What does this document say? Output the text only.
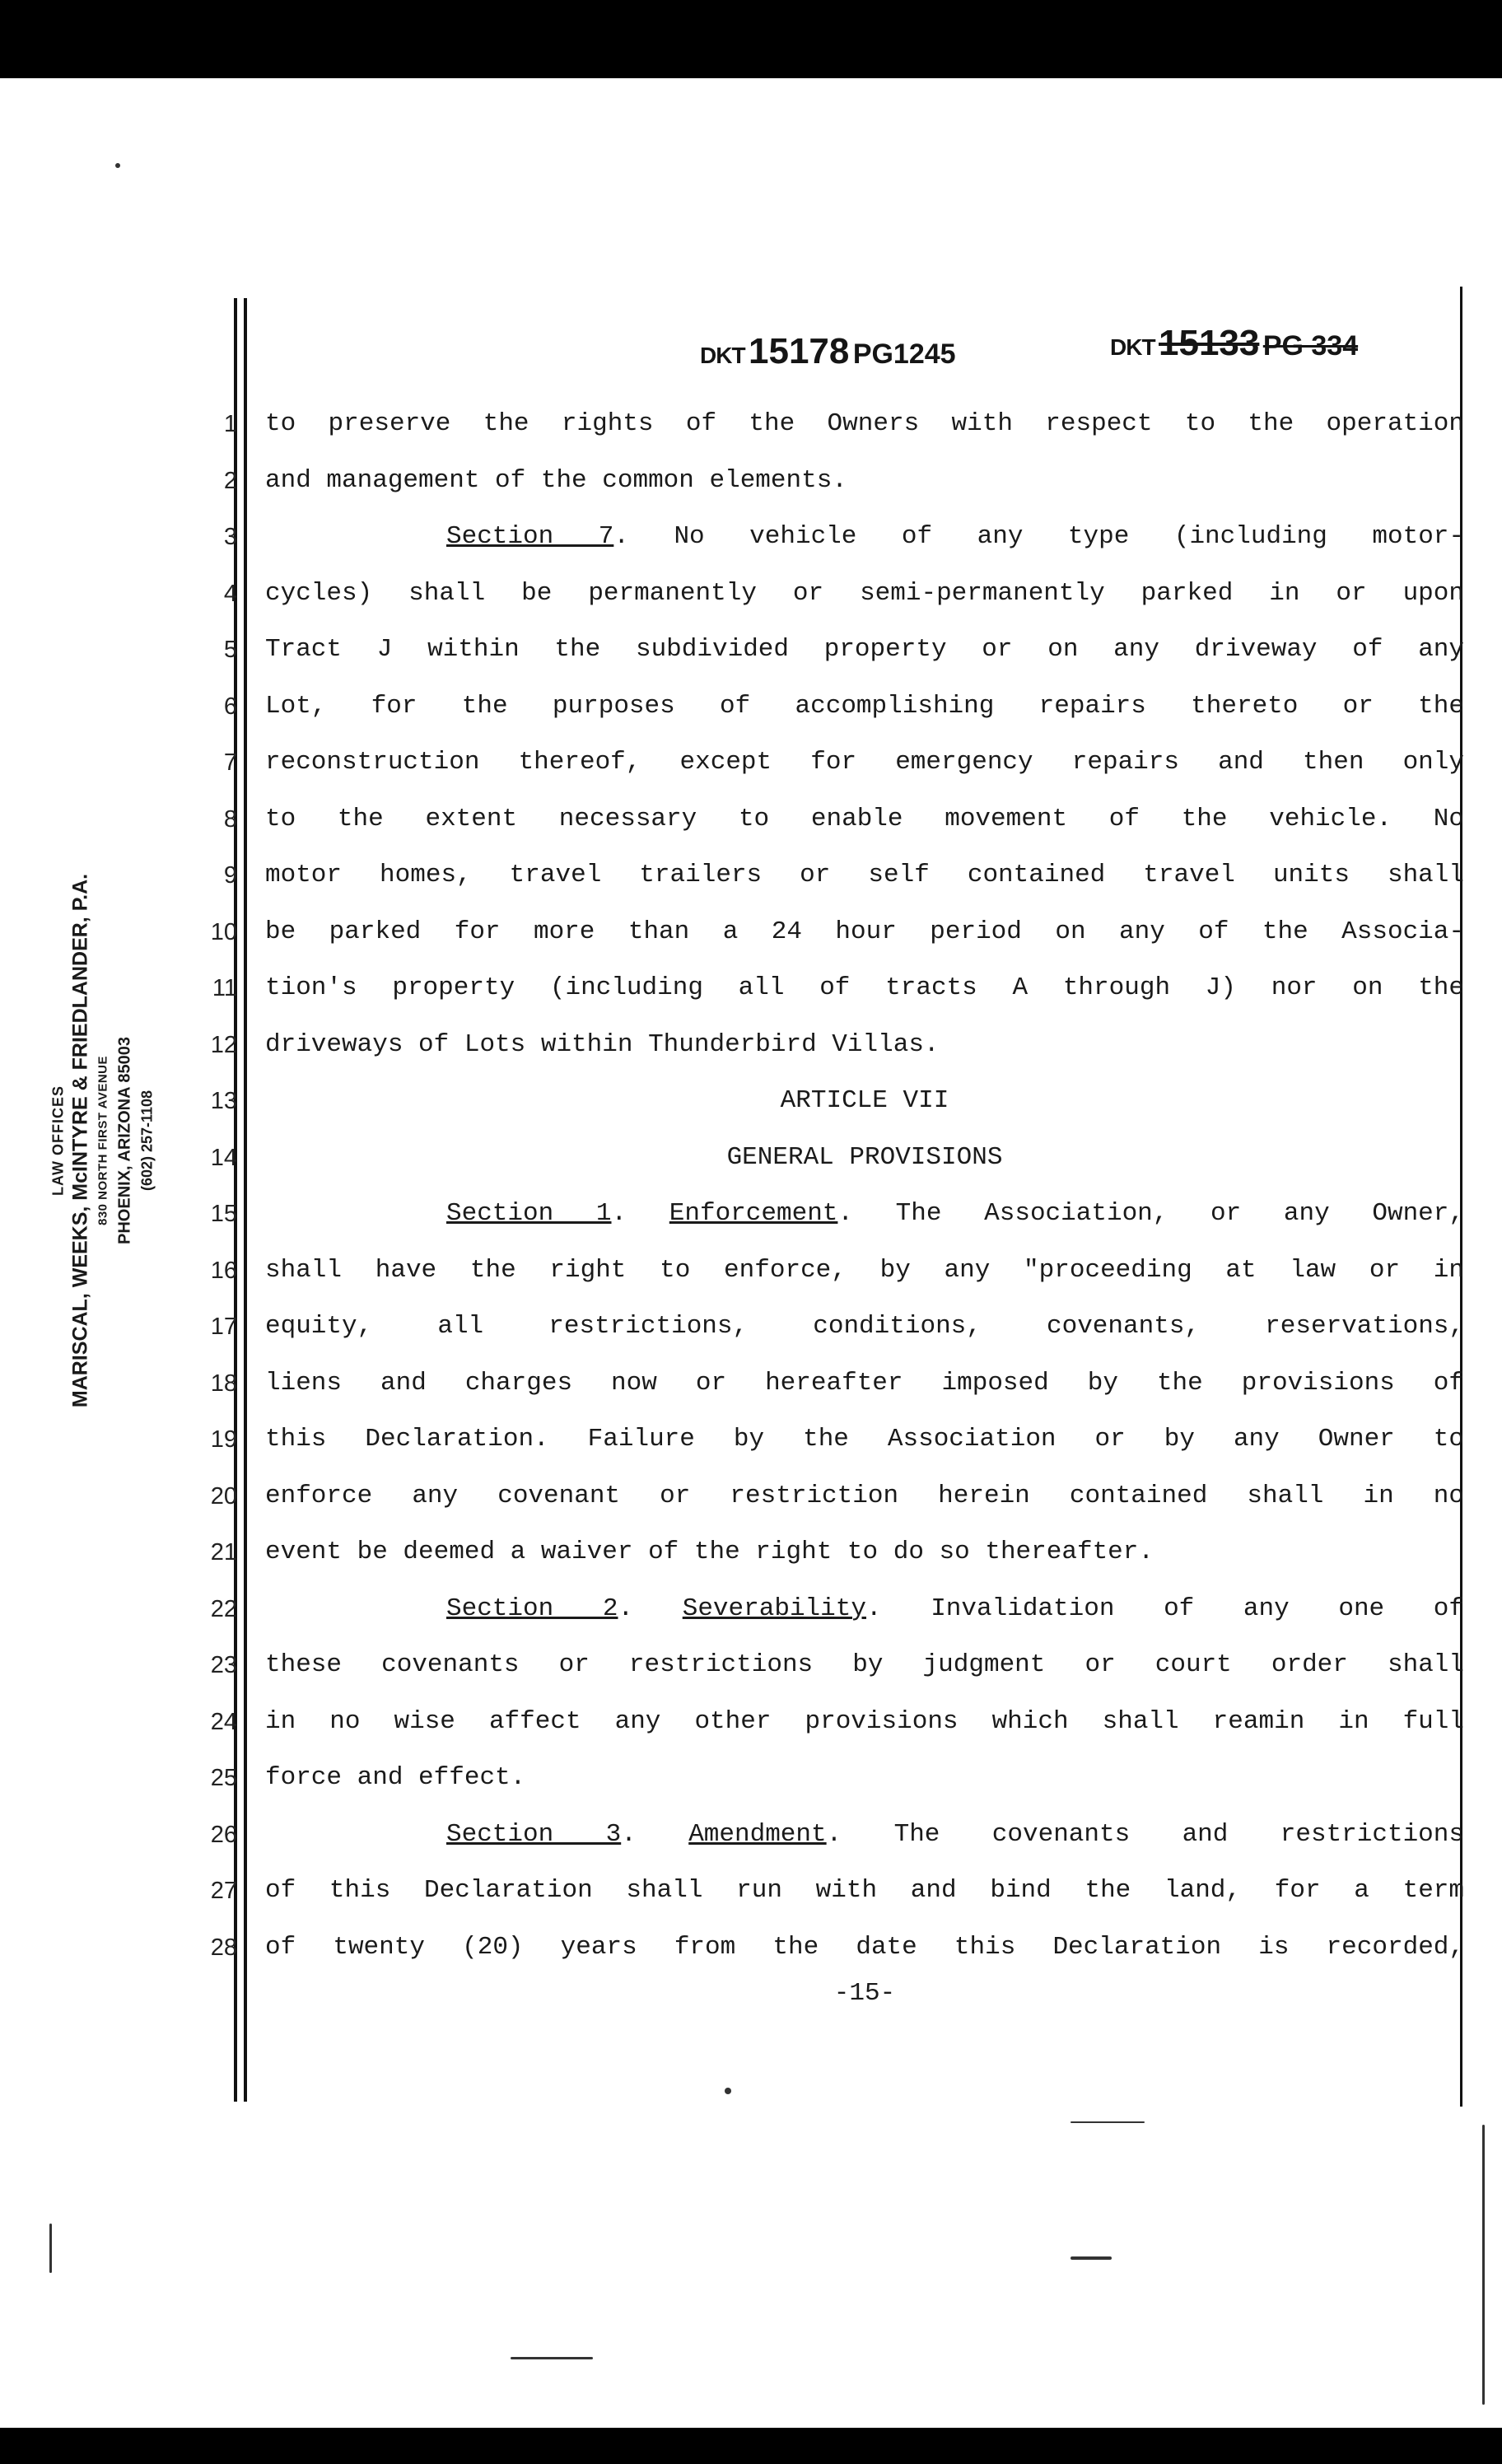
LAW OFFICES MARISCAL, WEEKS, McINTYRE & FRIEDLANDER, P.A. 830 NORTH FIRST AVENUE PHOENIX, ARIZONA 85003 (602) 257-1108
DKT 15178 PG1245	DKT 15133 PG 334
1
2
3
4
5
6
7
8
9
10
11
12
13
14
15
16
17
18
19
20
21
22
23
24
25
26
27
28
to preserve the rights of the Owners with respect to the operation
and management of the common elements.
Section 7. No vehicle of any type (including motor-
cycles) shall be permanently or semi-permanently parked in or upon
Tract J within the subdivided property or on any driveway of any
Lot, for the purposes of accomplishing repairs thereto or the
reconstruction thereof, except for emergency repairs and then only
to the extent necessary to enable movement of the vehicle. No
motor homes, travel trailers or self contained travel units shall
be parked for more than a 24 hour period on any of the Associa-
tion's property (including all of tracts A through J) nor on the
driveways of Lots within Thunderbird Villas.
ARTICLE VII
GENERAL PROVISIONS
Section 1. Enforcement. The Association, or any Owner,
shall have the right to enforce, by any "proceeding at law or in
equity, all restrictions, conditions, covenants, reservations,
liens and charges now or hereafter imposed by the provisions of
this Declaration. Failure by the Association or by any Owner to
enforce any covenant or restriction herein contained shall in no
event be deemed a waiver of the right to do so thereafter.
Section 2. Severability. Invalidation of any one of
these covenants or restrictions by judgment or court order shall
in no wise affect any other provisions which shall reamin in full
force and effect.
Section 3. Amendment. The covenants and restrictions
of this Declaration shall run with and bind the land, for a term
of twenty (20) years from the date this Declaration is recorded,
-15-
